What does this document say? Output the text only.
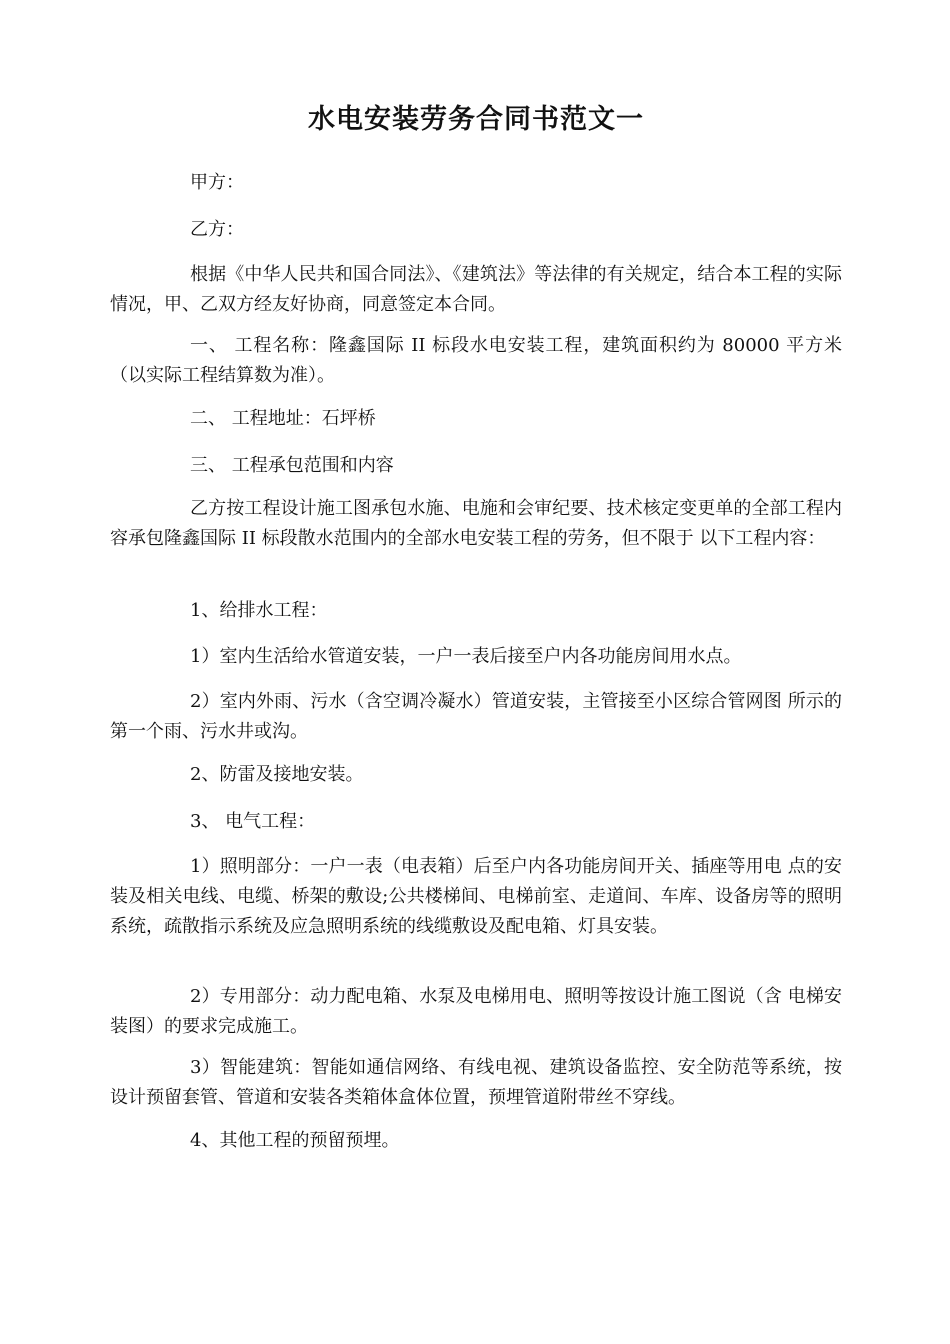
水电安装劳务合同书范文一

甲方：

乙方：

根据《中华人民共和国合同法》、《建筑法》等法律的有关规定，结合本工程的实际情况，甲、乙双方经友好协商，同意签定本合同。

一、 工程名称：隆鑫国际 II 标段水电安装工程，建筑面积约为 80000 平方米（以实际工程结算数为准）。

二、 工程地址：石坪桥

三、 工程承包范围和内容

乙方按工程设计施工图承包水施、电施和会审纪要、技术核定变更单的全部工程内容承包隆鑫国际 II 标段散水范围内的全部水电安装工程的劳务，但不限于 以下工程内容：

1、给排水工程：

1）室内生活给水管道安装，一户一表后接至户内各功能房间用水点。

2）室内外雨、污水（含空调冷凝水）管道安装，主管接至小区综合管网图 所示的第一个雨、污水井或沟。

2、防雷及接地安装。

3、 电气工程：

1）照明部分：一户一表（电表箱）后至户内各功能房间开关、插座等用电 点的安装及相关电线、电缆、桥架的敷设;公共楼梯间、电梯前室、走道间、车库、设备房等的照明系统，疏散指示系统及应急照明系统的线缆敷设及配电箱、灯具安装。

2）专用部分：动力配电箱、水泵及电梯用电、照明等按设计施工图说（含 电梯安装图）的要求完成施工。

3）智能建筑：智能如通信网络、有线电视、建筑设备监控、安全防范等系统，按设计预留套管、管道和安装各类箱体盒体位置，预埋管道附带丝不穿线。

4、其他工程的预留预埋。
